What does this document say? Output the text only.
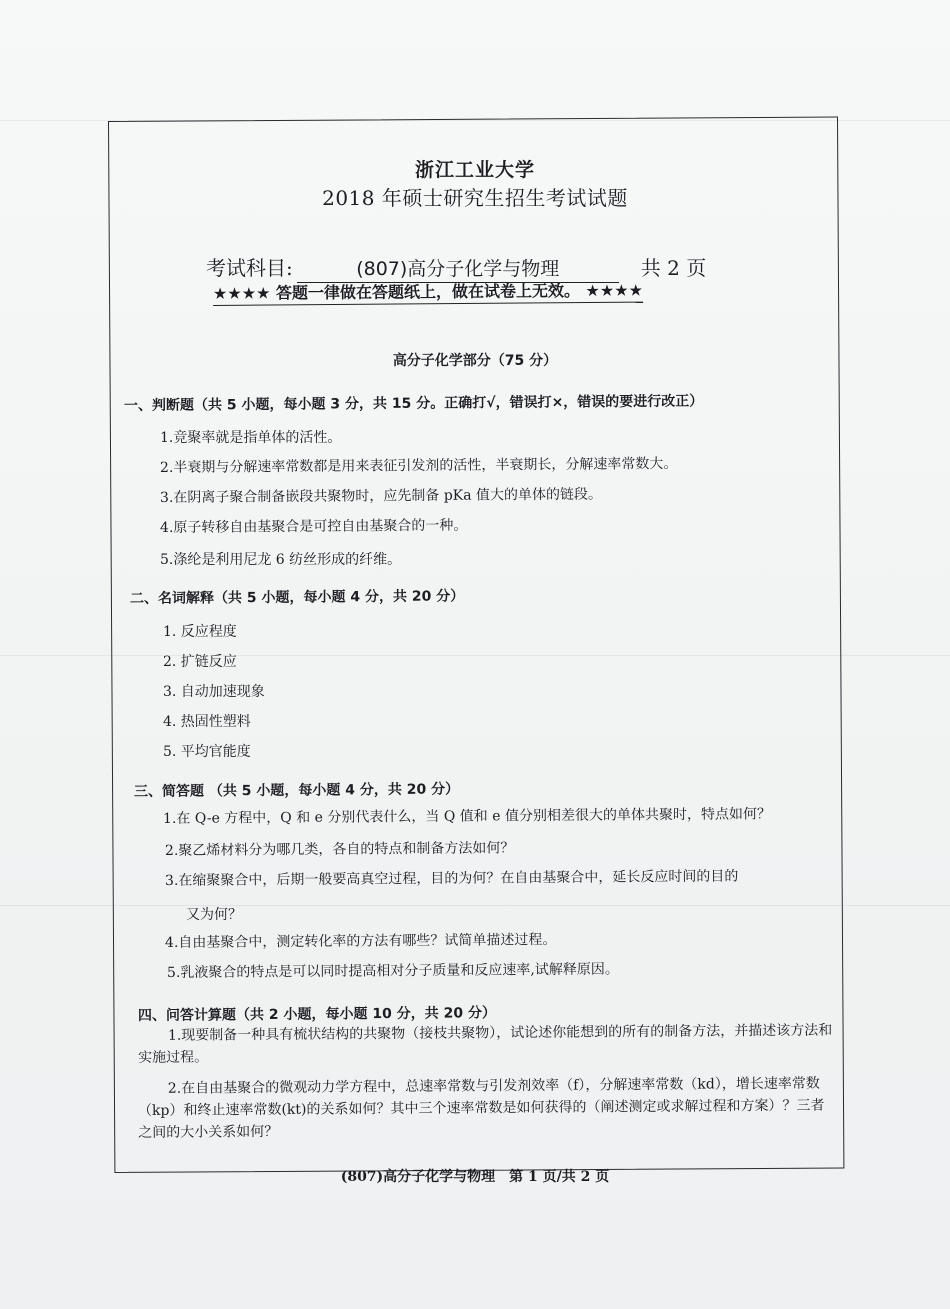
浙江工业大学
2018 年硕士研究生招生考试试题
考试科目:	(807)高分子化学与物理	共 2 页
★★★★ 答题一律做在答题纸上，做在试卷上无效。 ★★★★
高分子化学部分（75 分）
一、判断题（共 5 小题，每小题 3 分，共 15 分。正确打√，错误打×，错误的要进行改正）
1.竞聚率就是指单体的活性。
2.半衰期与分解速率常数都是用来表征引发剂的活性，半衰期长，分解速率常数大。
3.在阴离子聚合制备嵌段共聚物时，应先制备 pKa 值大的单体的链段。
4.原子转移自由基聚合是可控自由基聚合的一种。
5.涤纶是利用尼龙 6 纺丝形成的纤维。
二、名词解释（共 5 小题，每小题 4 分，共 20 分）
1. 反应程度
2. 扩链反应
3. 自动加速现象
4. 热固性塑料
5. 平均官能度
三、简答题 （共 5 小题，每小题 4 分，共 20 分）
1.在 Q-e 方程中，Q 和 e 分别代表什么，当 Q 值和 e 值分别相差很大的单体共聚时，特点如何？
2.聚乙烯材料分为哪几类，各自的特点和制备方法如何？
3.在缩聚聚合中，后期一般要高真空过程，目的为何？在自由基聚合中，延长反应时间的目的
又为何？
4.自由基聚合中，测定转化率的方法有哪些？试简单描述过程。
5.乳液聚合的特点是可以同时提高相对分子质量和反应速率,试解释原因。
四、问答计算题（共 2 小题，每小题 10 分，共 20 分）
1.现要制备一种具有梳状结构的共聚物（接枝共聚物），试论述你能想到的所有的制备方法，并描述该方法和实施过程。
2.在自由基聚合的微观动力学方程中，总速率常数与引发剂效率（f），分解速率常数（kd），增长速率常数（kp）和终止速率常数(kt)的关系如何？其中三个速率常数是如何获得的（阐述测定或求解过程和方案）？三者之间的大小关系如何？
(807)高分子化学与物理　第 1 页/共 2 页
